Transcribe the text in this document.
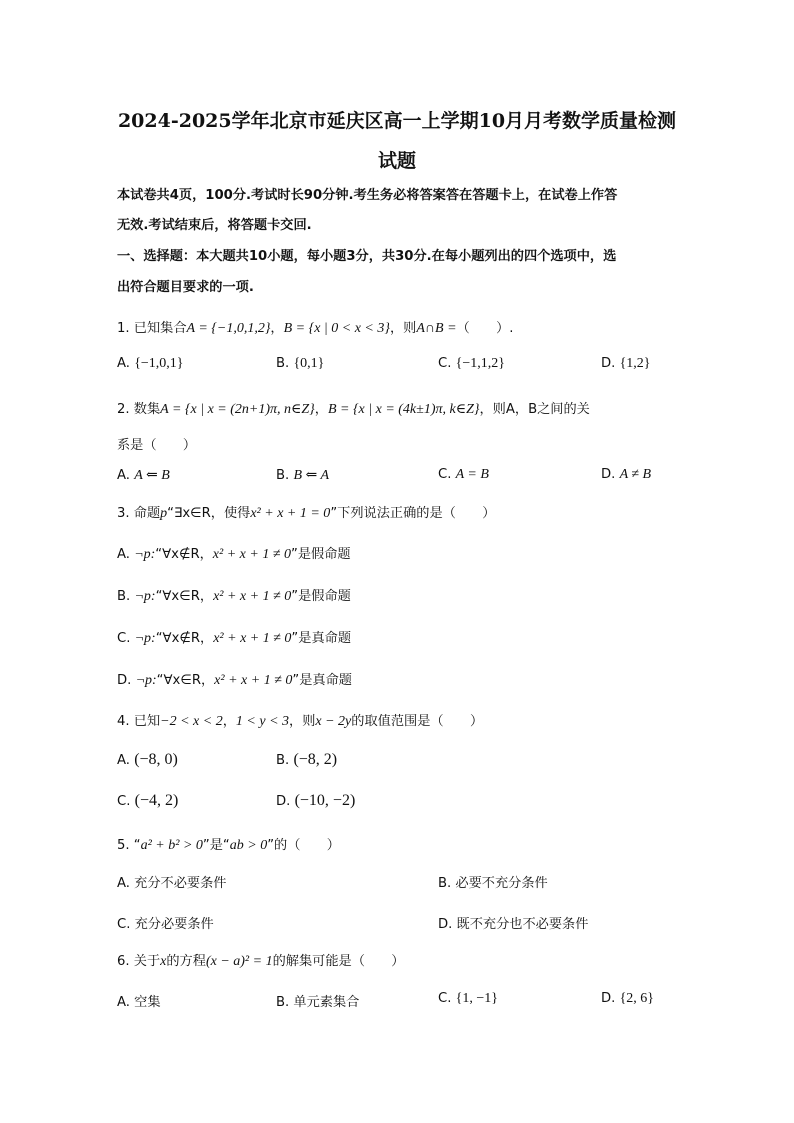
2024-2025学年北京市延庆区高一上学期10月月考数学质量检测
试题
本试卷共4页，100分.考试时长90分钟.考生务必将答案答在答题卡上，在试卷上作答
无效.考试结束后，将答题卡交回.
一、选择题：本大题共10小题，每小题3分，共30分.在每小题列出的四个选项中，选
出符合题目要求的一项.
1. 已知集合A = {−1,0,1,2}，B = {x | 0 < x < 3}，则A∩B =（　　）.
A. {−1,0,1}	B. {0,1}	C. {−1,1,2}	D. {1,2}
2. 数集A = {x | x = (2n+1)π, n∈Z}，B = {x | x = (4k±1)π, k∈Z}，则A，B之间的关
系是（　　）
A. A ⇐ B	B. B ⇐ A	C. A = B	D. A ≠ B
3. 命题p“∃x∈R，使得x² + x + 1 = 0”下列说法正确的是（　　）
A. ¬p:“∀x∉R，x² + x + 1 ≠ 0”是假命题
B. ¬p:“∀x∈R，x² + x + 1 ≠ 0”是假命题
C. ¬p:“∀x∉R，x² + x + 1 ≠ 0”是真命题
D. ¬p:“∀x∈R，x² + x + 1 ≠ 0”是真命题
4. 已知−2 < x < 2，1 < y < 3，则x − 2y的取值范围是（　　）
A. (−8, 0)	B. (−8, 2)
C. (−4, 2)	D. (−10, −2)
5. “a² + b² > 0”是“ab > 0”的（　　）
A. 充分不必要条件	B. 必要不充分条件
C. 充分必要条件	D. 既不充分也不必要条件
6. 关于x的方程(x − a)² = 1的解集可能是（　　）
A. 空集	B. 单元素集合	C. {1, −1}	D. {2, 6}
